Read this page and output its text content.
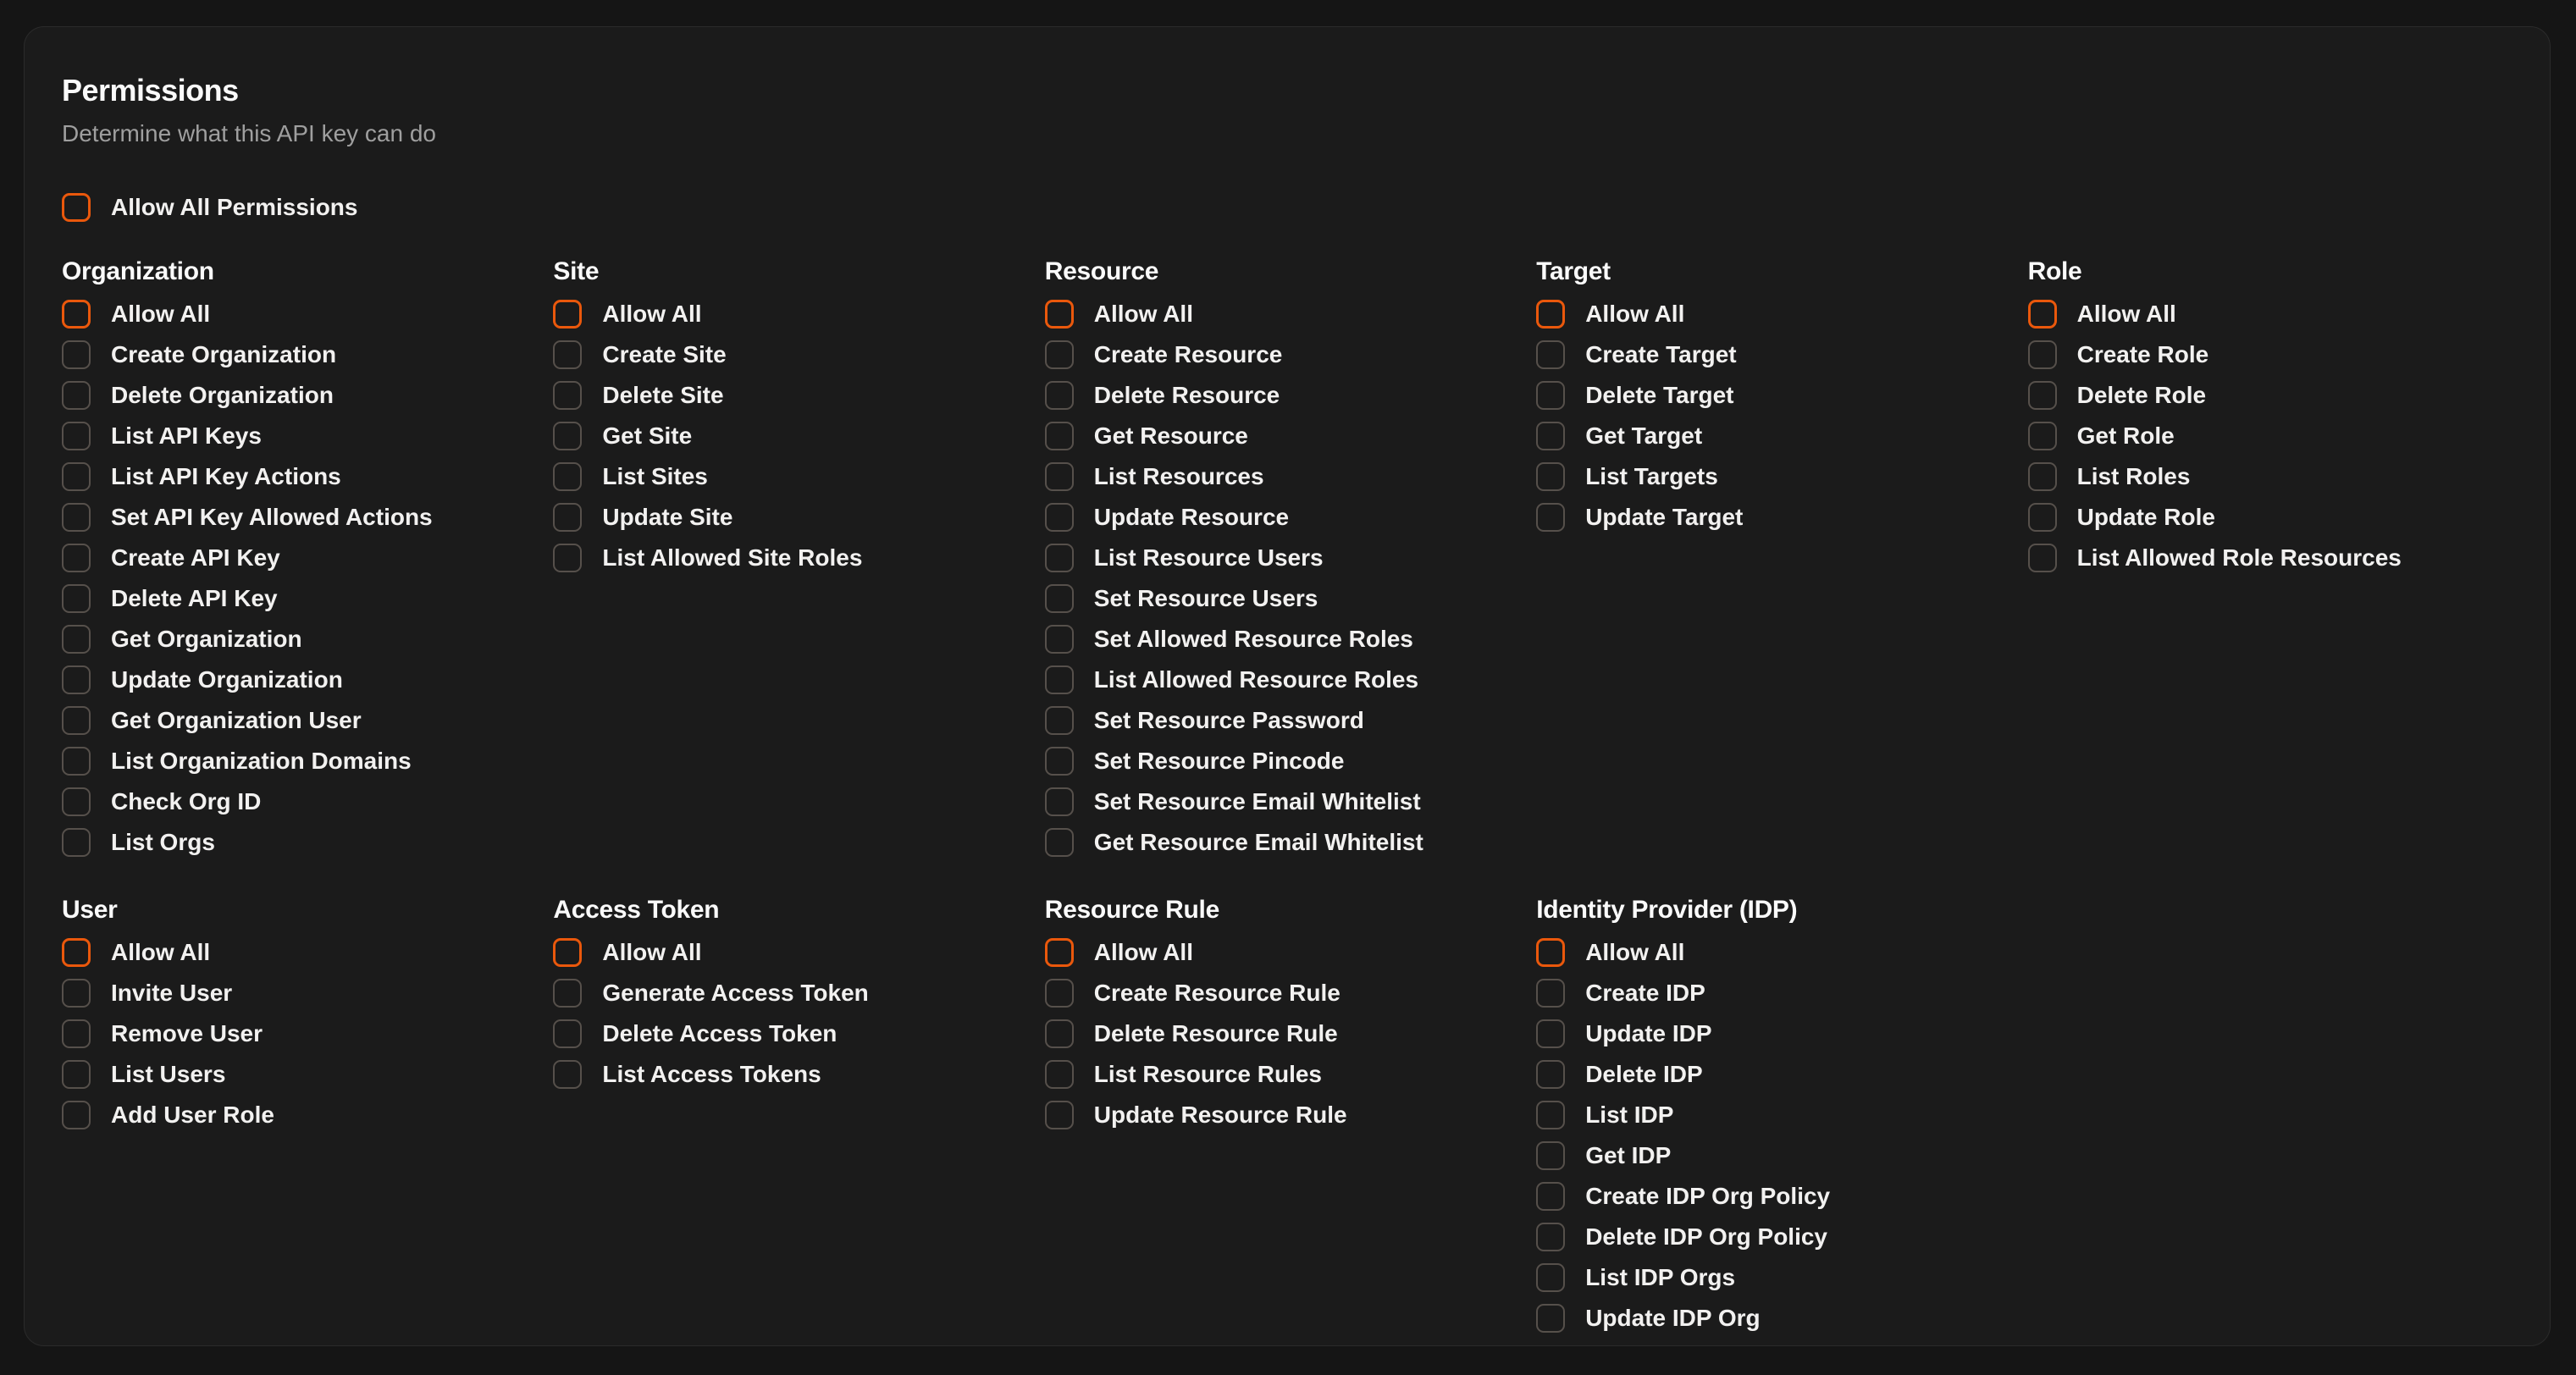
Permissions

Determine what this API key can do

Allow All Permissions
Organization
Allow All
Create Organization
Delete Organization
List API Keys
List API Key Actions
Set API Key Allowed Actions
Create API Key
Delete API Key
Get Organization
Update Organization
Get Organization User
List Organization Domains
Check Org ID
List Orgs
Site
Allow All
Create Site
Delete Site
Get Site
List Sites
Update Site
List Allowed Site Roles
Resource
Allow All
Create Resource
Delete Resource
Get Resource
List Resources
Update Resource
List Resource Users
Set Resource Users
Set Allowed Resource Roles
List Allowed Resource Roles
Set Resource Password
Set Resource Pincode
Set Resource Email Whitelist
Get Resource Email Whitelist
Target
Allow All
Create Target
Delete Target
Get Target
List Targets
Update Target
Role
Allow All
Create Role
Delete Role
Get Role
List Roles
Update Role
List Allowed Role Resources
User
Allow All
Invite User
Remove User
List Users
Add User Role
Access Token
Allow All
Generate Access Token
Delete Access Token
List Access Tokens
Resource Rule
Allow All
Create Resource Rule
Delete Resource Rule
List Resource Rules
Update Resource Rule
Identity Provider (IDP)
Allow All
Create IDP
Update IDP
Delete IDP
List IDP
Get IDP
Create IDP Org Policy
Delete IDP Org Policy
List IDP Orgs
Update IDP Org
